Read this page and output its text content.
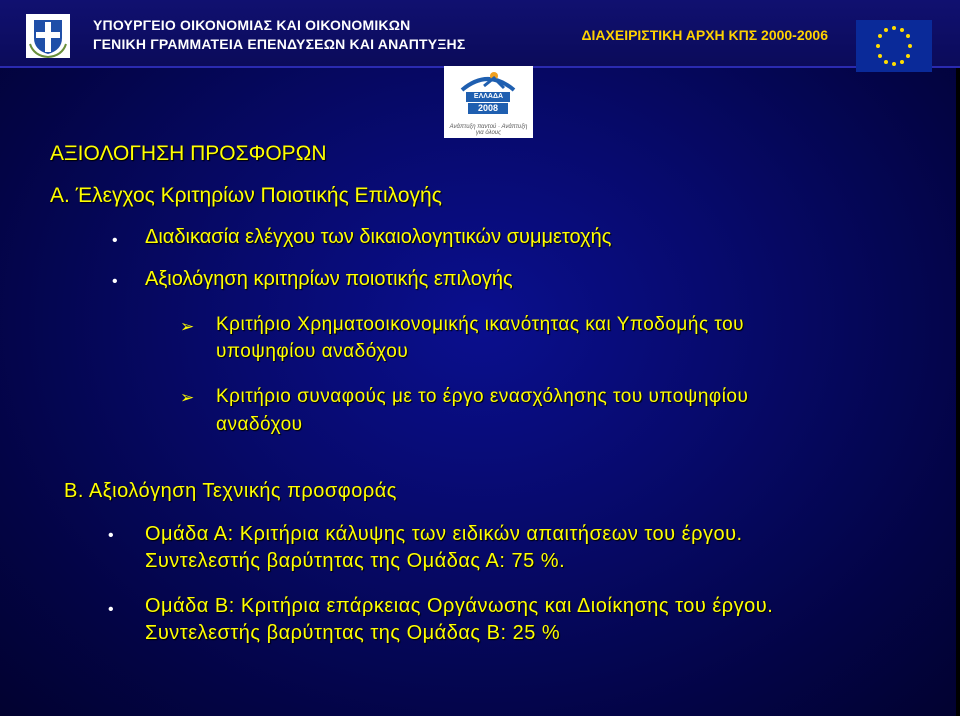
ΥΠΟΥΡΓΕΙΟ ΟΙΚΟΝΟΜΙΑΣ ΚΑΙ ΟΙΚΟΝΟΜΙΚΩΝ
ΓΕΝΙΚΗ ΓΡΑΜΜΑΤΕΙΑ ΕΠΕΝΔΥΣΕΩΝ ΚΑΙ ΑΝΑΠΤΥΞΗΣ
ΔΙΑΧΕΙΡΙΣΤΙΚΗ ΑΡΧΗ ΚΠΣ 2000-2006
ΕΛΛΑΔΑ
2008
Ανάπτυξη παντού · Ανάπτυξη για όλους
ΑΞΙΟΛΟΓΗΣΗ ΠΡΟΣΦΟΡΩΝ
Α. Έλεγχος Κριτηρίων Ποιοτικής Επιλογής
• Διαδικασία ελέγχου των δικαιολογητικών συμμετοχής
• Αξιολόγηση κριτηρίων ποιοτικής επιλογής
➢ Κριτήριο Χρηματοοικονομικής ικανότητας και Υποδομής του
υποψηφίου αναδόχου
➢ Κριτήριο συναφούς με το έργο ενασχόλησης του υποψηφίου
αναδόχου
Β. Αξιολόγηση Τεχνικής προσφοράς
• Ομάδα Α: Κριτήρια κάλυψης των ειδικών απαιτήσεων του έργου.
Συντελεστής βαρύτητας της Ομάδας Α: 75 %.
• Ομάδα Β: Κριτήρια επάρκειας Οργάνωσης και Διοίκησης του έργου.
Συντελεστής βαρύτητας της Ομάδας Β: 25 %
